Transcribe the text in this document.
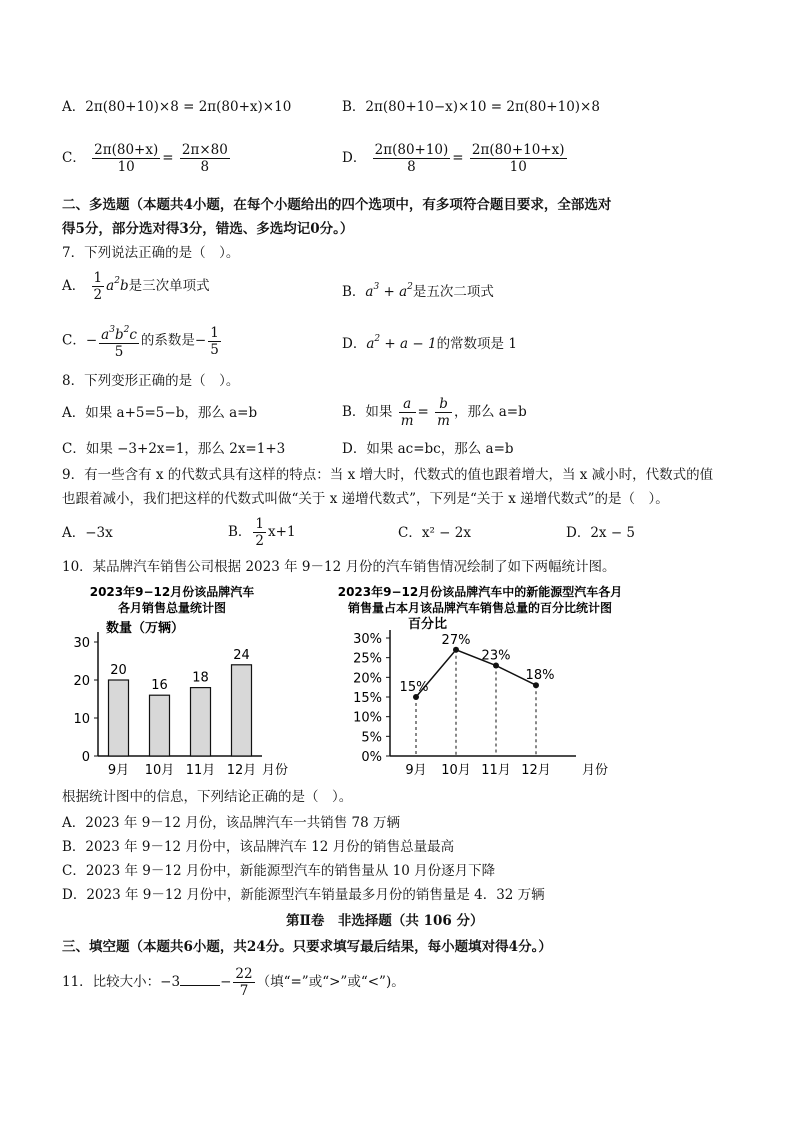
A．2π(80+10)×8 = 2π(80+x)×10	B．2π(80+10−x)×10 = 2π(80+10)×8
C． $\frac{2\pi(80+x)}{10} = \frac{2\pi\times 80}{8}$	D． $\frac{2\pi(80+10)}{8} = \frac{2\pi(80+10+x)}{10}$
二、多选题（本题共4小题，在每个小题给出的四个选项中，有多项符合题目要求，全部选对
得5分，部分选对得3分，错选、多选均记0分。）
7．下列说法正确的是（　）。
A． $\frac{1}{2} a^2b$是三次单项式	B．$a^3 + a^2$是五次二项式
C．− $\frac{a^3b^2c}{5}$ 的系数是− $\frac{1}{5}$	D．$a^2 + a - 1$的常数项是 1
8．下列变形正确的是（　）。
A．如果 a+5=5−b，那么 a=b	B．如果 $\frac{a}{m} = \frac{b}{m}$ ，那么 a=b
C．如果 −3+2x=1，那么 2x=1+3	D．如果 ac=bc，那么 a=b
9．有一些含有 x 的代数式具有这样的特点：当 x 增大时，代数式的值也跟着增大，当 x 减小时，代数式的值
也跟着减小，我们把这样的代数式叫做“关于 x 递增代数式”，下列是“关于 x 递增代数式”的是（　）。
A．−3x	B． $\frac{1}{2} x+1$	C．x² − 2x	D．2x − 5
10．某品牌汽车销售公司根据 2023 年 9－12 月份的汽车销售情况绘制了如下两幅统计图。
2023年9−12月份该品牌汽车
各月销售总量统计图
数量（万辆）
月份
0
10
20
30
20
9月
16
10月
18
11月
24
12月
2023年9−12月份该品牌汽车中的新能源型汽车各月
销售量占本月该品牌汽车销售总量的百分比统计图
百分比
月份
0%
5%
10%
15%
20%
25%
30%
15%
9月
27%
10月
23%
11月
18%
12月
根据统计图中的信息，下列结论正确的是（　）。
A．2023 年 9－12 月份，该品牌汽车一共销售 78 万辆
B．2023 年 9－12 月份中，该品牌汽车 12 月份的销售总量最高
C．2023 年 9－12 月份中，新能源型汽车的销售量从 10 月份逐月下降
D．2023 年 9－12 月份中，新能源型汽车销量最多月份的销售量是 4．32 万辆
第Ⅱ卷　非选择题（共 106 分）
三、填空题（本题共6小题，共24分。只要求填写最后结果，每小题填对得4分。）
11．比较大小：−3	− $\frac{22}{7}$ （填“=”或“>”或“<”)。
